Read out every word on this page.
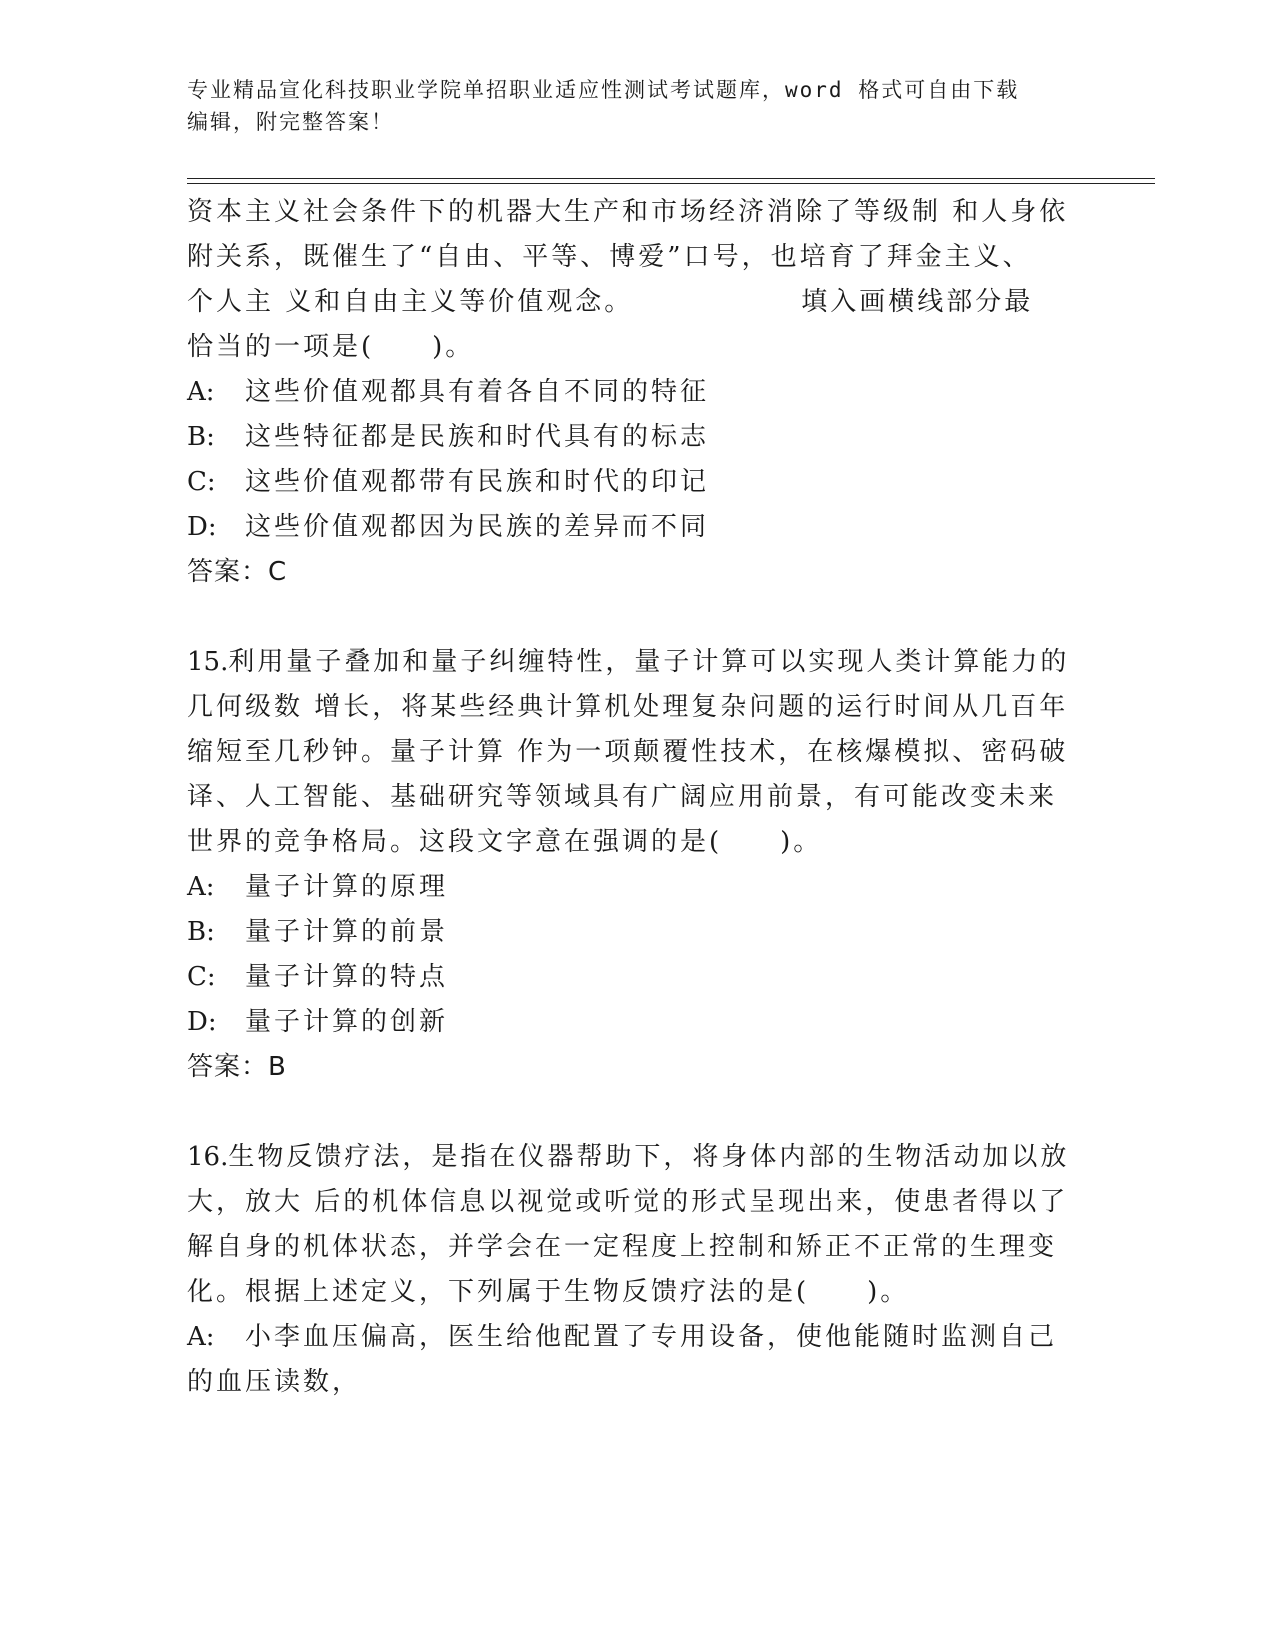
专业精品宣化科技职业学院单招职业适应性测试考试题库，word 格式可自由下载
编辑，附完整答案！

资本主义社会条件下的机器大生产和市场经济消除了等级制 和人身依

附关系，既催生了“自由、平等、博爱”口号，也培育了拜金主义、

个人主 义和自由主义等价值观念。	填入画横线部分最

恰当的一项是(　　)。

A:	这些价值观都具有着各自不同的特征
B:	这些特征都是民族和时代具有的标志
C:	这些价值观都带有民族和时代的印记
D:	这些价值观都因为民族的差异而不同

答案：C

15.利用量子叠加和量子纠缠特性，量子计算可以实现人类计算能力的

几何级数 增长，将某些经典计算机处理复杂问题的运行时间从几百年

缩短至几秒钟。量子计算 作为一项颠覆性技术，在核爆模拟、密码破

译、人工智能、基础研究等领域具有广阔应用前景，有可能改变未来

世界的竞争格局。这段文字意在强调的是(　　)。

A:	量子计算的原理
B:	量子计算的前景
C:	量子计算的特点
D:	量子计算的创新

答案：B

16.生物反馈疗法，是指在仪器帮助下，将身体内部的生物活动加以放

大，放大 后的机体信息以视觉或听觉的形式呈现出来，使患者得以了

解自身的机体状态，并学会在一定程度上控制和矫正不正常的生理变

化。根据上述定义，下列属于生物反馈疗法的是(　　)。

A:	小李血压偏高，医生给他配置了专用设备，使他能随时监测自己

的血压读数，
